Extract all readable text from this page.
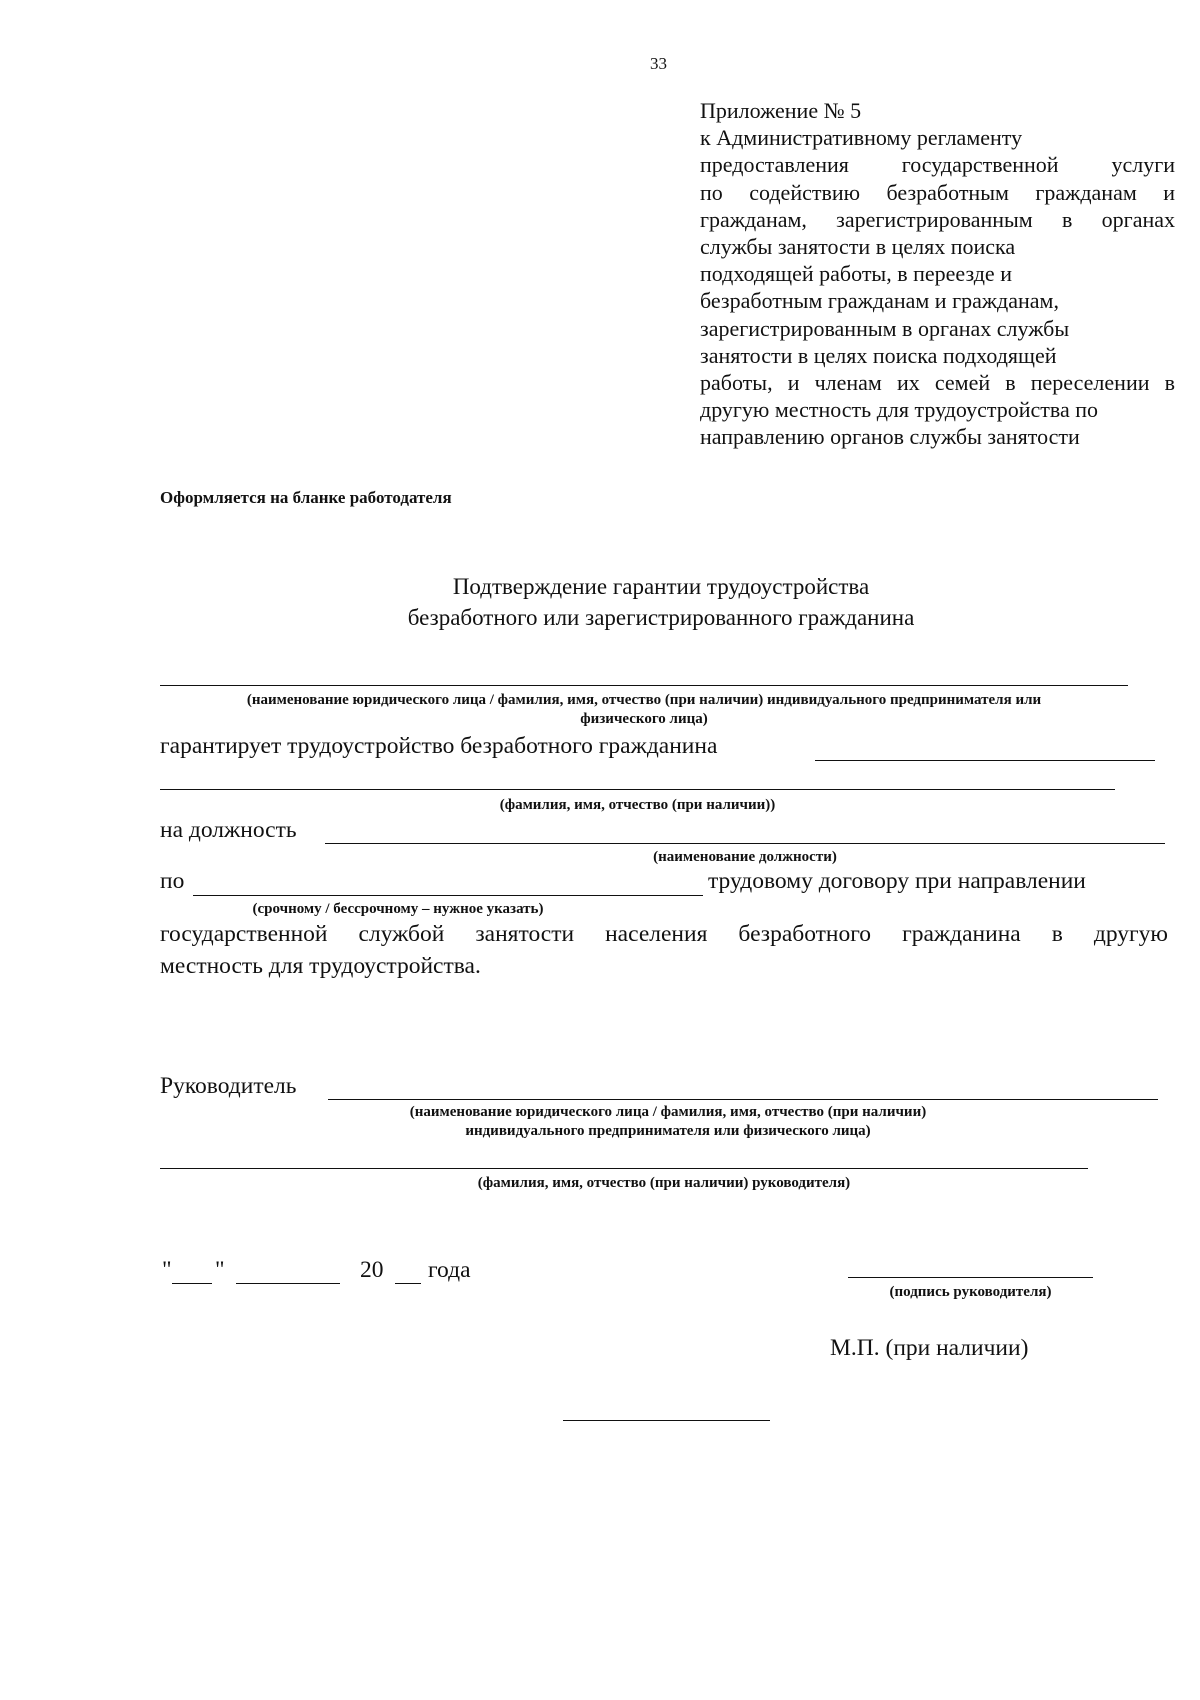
33
Приложение № 5
к Административному регламенту
предоставления государственной услуги
по содействию безработным гражданам и
гражданам, зарегистрированным в органах
службы занятости в целях поиска
подходящей работы, в переезде и
безработным гражданам и гражданам,
зарегистрированным в органах службы
занятости в целях поиска подходящей
работы, и членам их семей в переселении в
другую местность для трудоустройства по
направлению органов службы занятости
Оформляется на бланке работодателя
Подтверждение гарантии трудоустройства
безработного или зарегистрированного гражданина
(наименование юридического лица / фамилия, имя, отчество (при наличии) индивидуального предпринимателя или
физического лица)
гарантирует трудоустройство безработного гражданина
(фамилия, имя, отчество (при наличии))
на должность
(наименование должности)
по	трудовому договору при направлении
(срочному / бессрочному – нужное указать)
государственной службой занятости населения безработного гражданина в другую
местность для трудоустройства.
Руководитель
(наименование юридического лица / фамилия, имя, отчество (при наличии)
индивидуального предпринимателя или физического лица)
(фамилия, имя, отчество (при наличии) руководителя)
" "	20 года
(подпись руководителя)
М.П. (при наличии)
